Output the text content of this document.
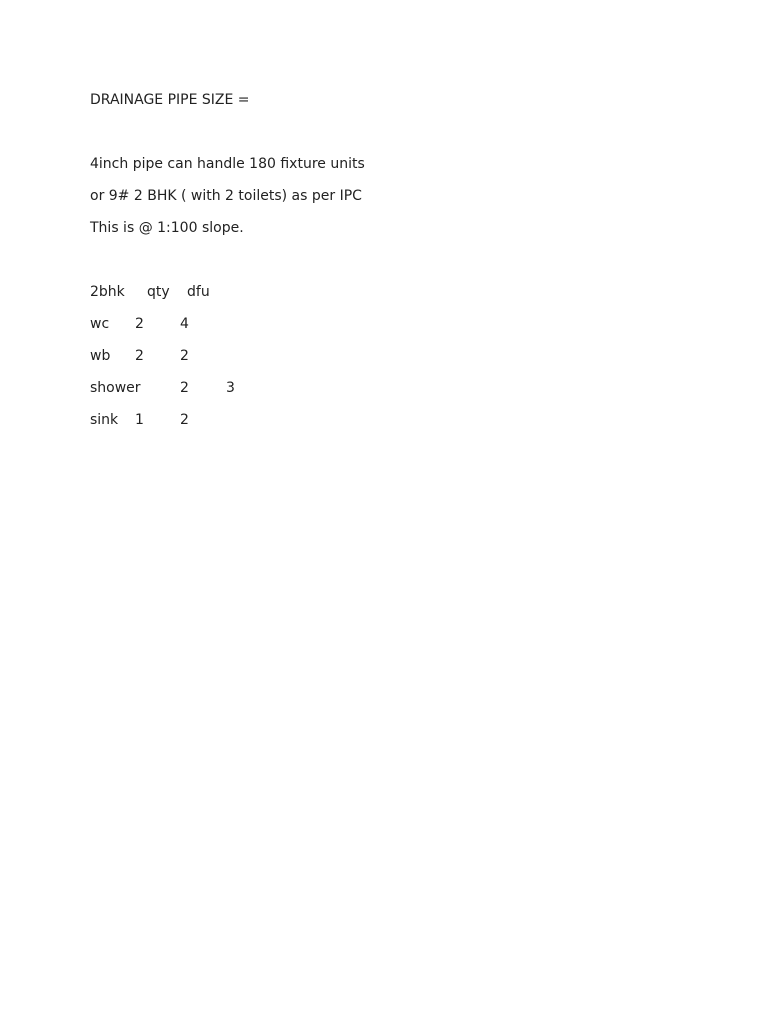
DRAINAGE PIPE SIZE =
4inch pipe can handle 180 fixture units
or 9# 2 BHK ( with 2 toilets) as per IPC
This is @ 1:100 slope.
2bhk qty dfu
wc 2	4
wb 2	2
shower	2	3
sink 1	2
